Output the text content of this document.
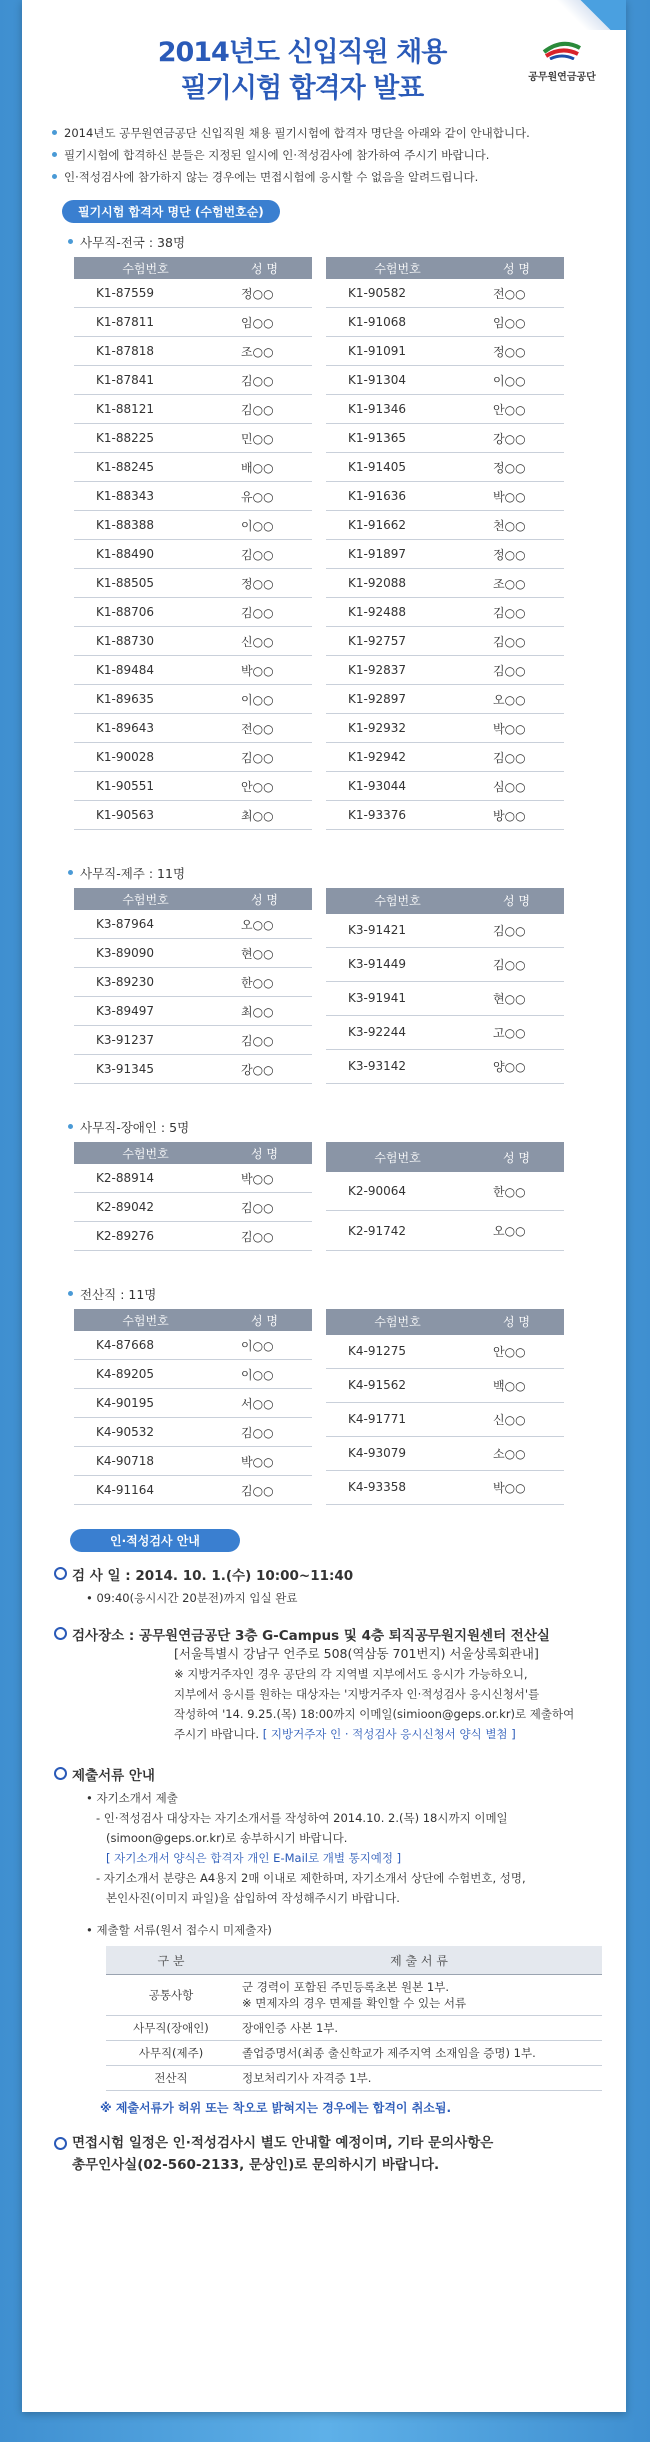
2014년도 신입직원 채용
필기시험 합격자 발표	공무원연금공단
2014년도 공무원연금공단 신입직원 채용 필기시험에 합격자 명단을 아래와 같이 안내합니다.
필기시험에 합격하신 분들은 지정된 일시에 인·적성검사에 참가하여 주시기 바랍니다.
인·적성검사에 참가하지 않는 경우에는 면접시험에 응시할 수 없음을 알려드립니다.
필기시험 합격자 명단 (수험번호순)
사무직-전국 : 38명
수험번호	성 명
K1-87559	정○○
K1-87811	임○○
K1-87818	조○○
K1-87841	김○○
K1-88121	김○○
K1-88225	민○○
K1-88245	배○○
K1-88343	유○○
K1-88388	이○○
K1-88490	김○○
K1-88505	정○○
K1-88706	김○○
K1-88730	신○○
K1-89484	박○○
K1-89635	이○○
K1-89643	전○○
K1-90028	김○○
K1-90551	안○○
K1-90563	최○○
수험번호	성 명
K1-90582	전○○
K1-91068	임○○
K1-91091	정○○
K1-91304	이○○
K1-91346	안○○
K1-91365	강○○
K1-91405	정○○
K1-91636	박○○
K1-91662	천○○
K1-91897	정○○
K1-92088	조○○
K1-92488	김○○
K1-92757	김○○
K1-92837	김○○
K1-92897	오○○
K1-92932	박○○
K1-92942	김○○
K1-93044	심○○
K1-93376	방○○
사무직-제주 : 11명
수험번호	성 명
K3-87964	오○○
K3-89090	현○○
K3-89230	한○○
K3-89497	최○○
K3-91237	김○○
K3-91345	강○○
수험번호	성 명
K3-91421	김○○
K3-91449	김○○
K3-91941	현○○
K3-92244	고○○
K3-93142	양○○
사무직-장애인 : 5명
수험번호	성 명
K2-88914	박○○
K2-89042	김○○
K2-89276	김○○
수험번호	성 명
K2-90064	한○○
K2-91742	오○○
전산직 : 11명
수험번호	성 명
K4-87668	이○○
K4-89205	이○○
K4-90195	서○○
K4-90532	김○○
K4-90718	박○○
K4-91164	김○○
수험번호	성 명
K4-91275	안○○
K4-91562	백○○
K4-91771	신○○
K4-93079	소○○
K4-93358	박○○
인·적성검사 안내
검 사 일 : 2014. 10. 1.(수) 10:00~11:40
• 09:40(응시시간 20분전)까지 입실 완료
검사장소 : 공무원연금공단 3층 G-Campus 및 4층 퇴직공무원지원센터 전산실
[서울특별시 강남구 언주로 508(역삼동 701번지) 서울상록회관내]
※ 지방거주자인 경우 공단의 각 지역별 지부에서도 응시가 가능하오니,
지부에서 응시를 원하는 대상자는 '지방거주자 인·적성검사 응시신청서'를
작성하여 '14. 9.25.(목) 18:00까지 이메일(simioon@geps.or.kr)로 제출하여
주시기 바랍니다. [ 지방거주자 인 · 적성검사 응시신청서 양식 별첨 ]
제출서류 안내
• 자기소개서 제출
- 인·적성검사 대상자는 자기소개서를 작성하여 2014.10. 2.(목) 18시까지 이메일
(simoon@geps.or.kr)로 송부하시기 바랍니다.
[ 자기소개서 양식은 합격자 개인 E-Mail로 개별 통지예정 ]
- 자기소개서 분량은 A4용지 2매 이내로 제한하며, 자기소개서 상단에 수험번호, 성명,
본인사진(이미지 파일)을 삽입하여 작성해주시기 바랍니다.
• 제출할 서류(원서 접수시 미제출자)
구 분	제 출 서 류
공통사항	군 경력이 포함된 주민등록초본 원본 1부.
※ 면제자의 경우 면제를 확인할 수 있는 서류

사무직(장애인)	장애인증 사본 1부.
사무직(제주)	졸업증명서(최종 출신학교가 제주지역 소재임을 증명) 1부.
전산직	정보처리기사 자격증 1부.
※ 제출서류가 허위 또는 착오로 밝혀지는 경우에는 합격이 취소됨.
면접시험 일정은 인·적성검사시 별도 안내할 예정이며, 기타 문의사항은
총무인사실(02-560-2133, 문상인)로 문의하시기 바랍니다.
